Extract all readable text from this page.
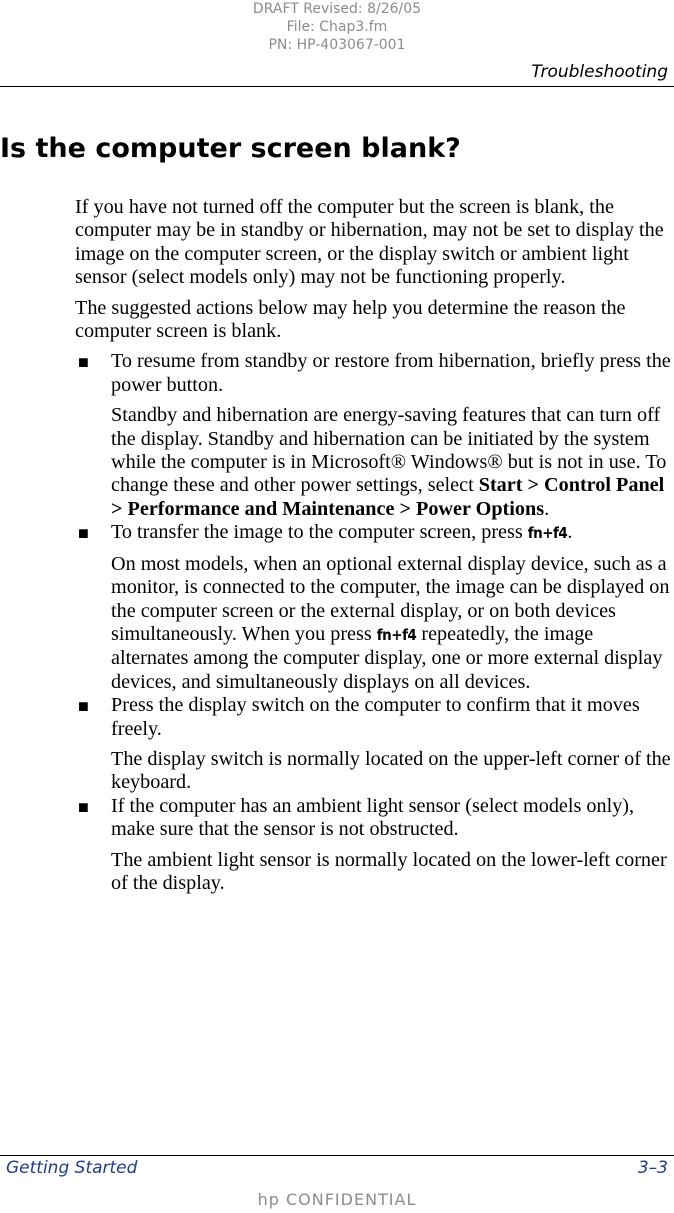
DRAFT Revised: 8/26/05
File: Chap3.fm
PN: HP-403067-001
Troubleshooting
Is the computer screen blank?

If you have not turned off the computer but the screen is blank, the computer may be in standby or hibernation, may not be set to display the image on the computer screen, or the display switch or ambient light sensor (select models only) may not be functioning properly.

The suggested actions below may help you determine the reason the computer screen is blank.

■ To resume from standby or restore from hibernation, briefly press the power button.

Standby and hibernation are energy-saving features that can turn off the display. Standby and hibernation can be initiated by the system while the computer is in Microsoft® Windows® but is not in use. To change these and other power settings, select Start > Control Panel > Performance and Maintenance > Power Options.

■ To transfer the image to the computer screen, press fn+f4.

On most models, when an optional external display device, such as a monitor, is connected to the computer, the image can be displayed on the computer screen or the external display, or on both devices simultaneously. When you press fn+f4 repeatedly, the image alternates among the computer display, one or more external display devices, and simultaneously displays on all devices.

■ Press the display switch on the computer to confirm that it moves freely.

The display switch is normally located on the upper-left corner of the keyboard.

■ If the computer has an ambient light sensor (select models only), make sure that the sensor is not obstructed.

The ambient light sensor is normally located on the lower-left corner of the display.

Getting Started	3–3
hp CONFIDENTIAL
